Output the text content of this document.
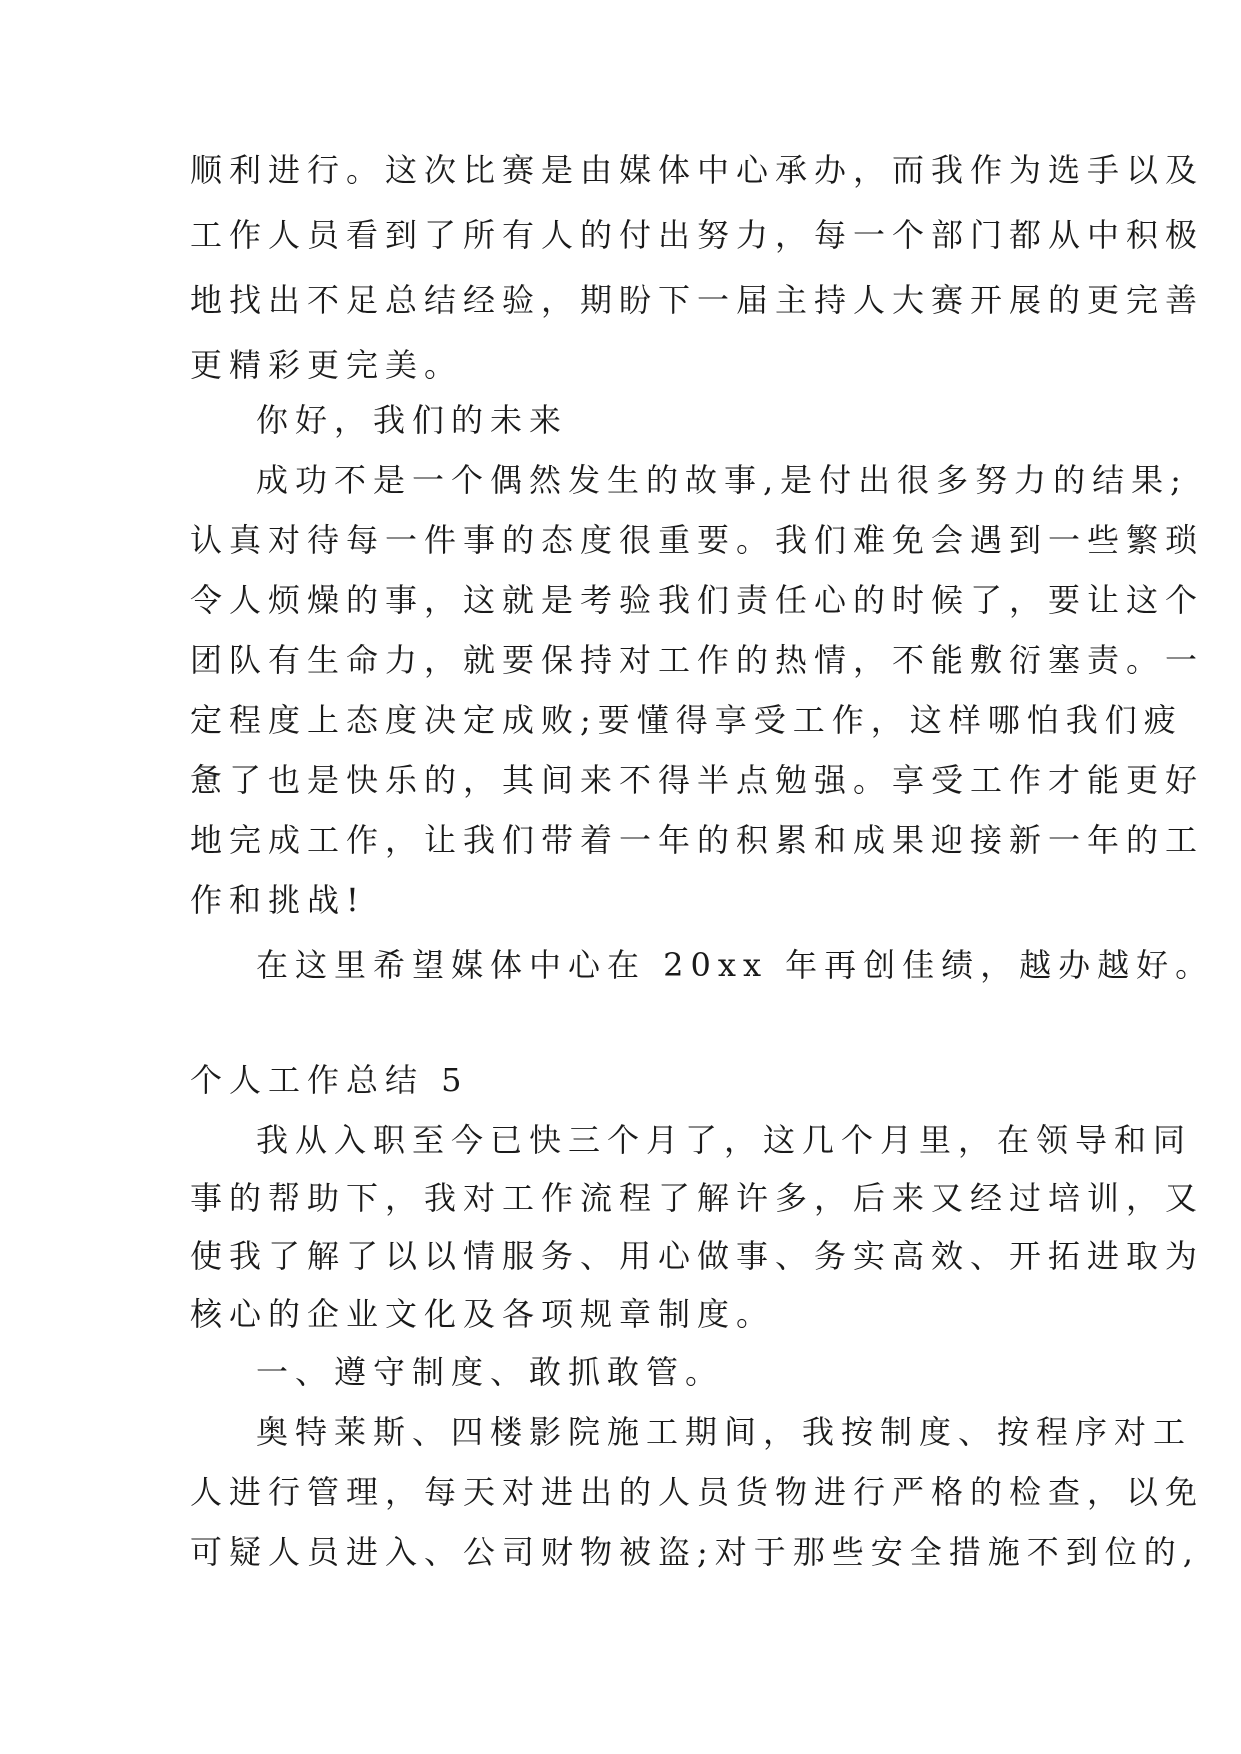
顺利进行。这次比赛是由媒体中心承办，而我作为选手以及
工作人员看到了所有人的付出努力，每一个部门都从中积极
地找出不足总结经验，期盼下一届主持人大赛开展的更完善
更精彩更完美。
你好，我们的未来
成功不是一个偶然发生的故事,是付出很多努力的结果;
认真对待每一件事的态度很重要。我们难免会遇到一些繁琐
令人烦燥的事，这就是考验我们责任心的时候了，要让这个
团队有生命力，就要保持对工作的热情，不能敷衍塞责。一
定程度上态度决定成败;要懂得享受工作，这样哪怕我们疲
惫了也是快乐的，其间来不得半点勉强。享受工作才能更好
地完成工作，让我们带着一年的积累和成果迎接新一年的工
作和挑战!
在这里希望媒体中心在 20xx 年再创佳绩，越办越好。
个人工作总结 5
我从入职至今已快三个月了，这几个月里，在领导和同
事的帮助下，我对工作流程了解许多，后来又经过培训，又
使我了解了以以情服务、用心做事、务实高效、开拓进取为
核心的企业文化及各项规章制度。
一、遵守制度、敢抓敢管。
奥特莱斯、四楼影院施工期间，我按制度、按程序对工
人进行管理，每天对进出的人员货物进行严格的检查，以免
可疑人员进入、公司财物被盗;对于那些安全措施不到位的,
